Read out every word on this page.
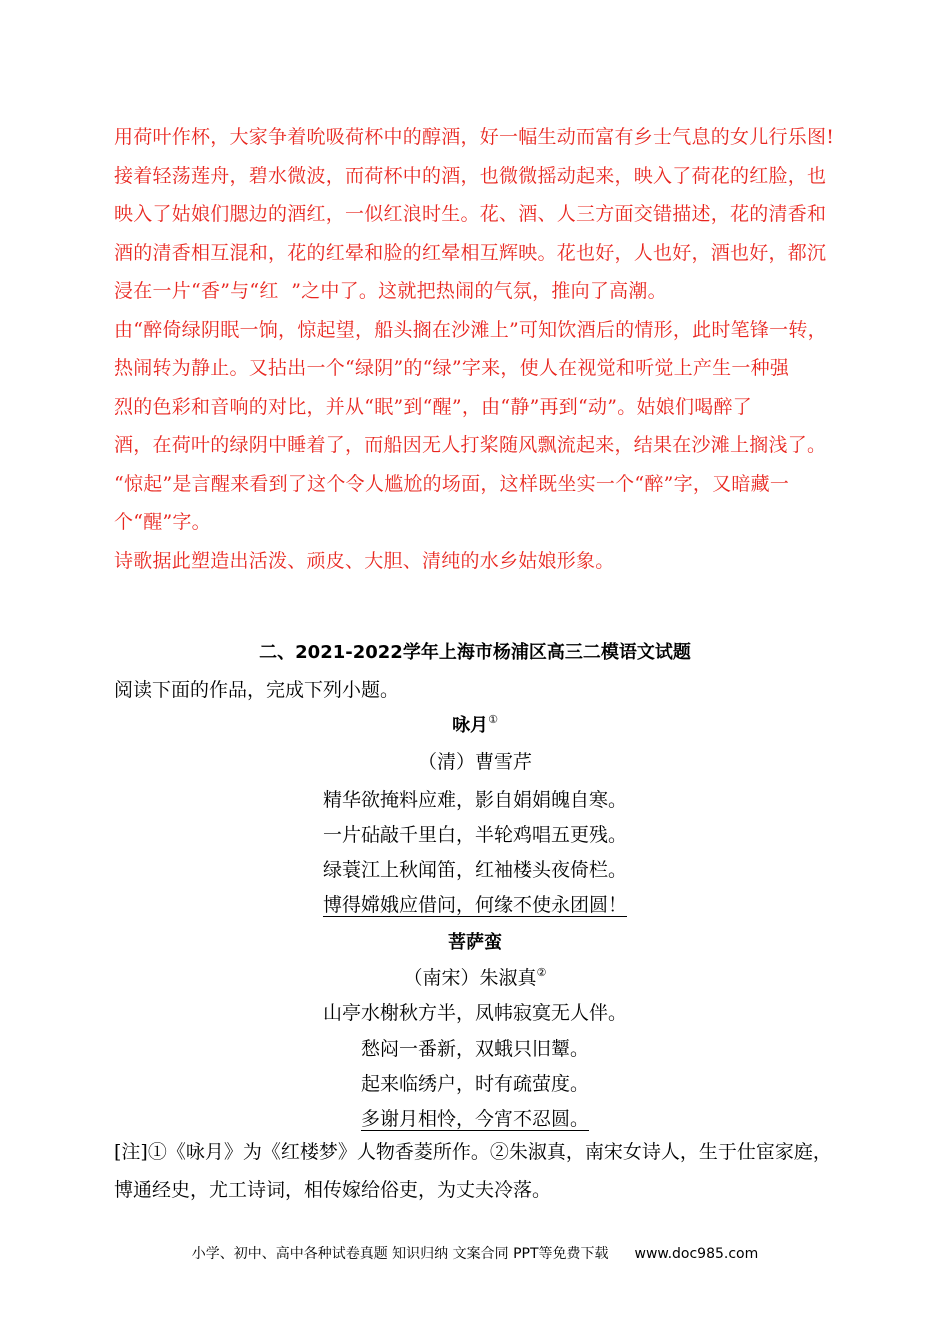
用荷叶作杯，大家争着吮吸荷杯中的醇酒，好一幅生动而富有乡士气息的女儿行乐图!
接着轻荡莲舟，碧水微波，而荷杯中的酒，也微微摇动起来，映入了荷花的红脸，也
映入了姑娘们腮边的酒红，一似红浪时生。花、酒、人三方面交错描述，花的清香和
酒的清香相互混和，花的红晕和脸的红晕相互辉映。花也好，人也好，酒也好，都沉
浸在一片“香”与“红  ”之中了。这就把热闹的气氛，推向了高潮。
由“醉倚绿阴眠一饷，惊起望，船头搁在沙滩上”可知饮酒后的情形，此时笔锋一转，
热闹转为静止。又拈出一个“绿阴”的“绿”字来，使人在视觉和听觉上产生一种强
烈的色彩和音响的对比，并从“眠”到“醒”，由“静”再到“动”。姑娘们喝醉了
酒，在荷叶的绿阴中睡着了，而船因无人打桨随风飘流起来，结果在沙滩上搁浅了。
“惊起”是言醒来看到了这个令人尴尬的场面，这样既坐实一个“醉”字，又暗藏一
个“醒”字。
诗歌据此塑造出活泼、顽皮、大胆、清纯的水乡姑娘形象。
二、2021-2022学年上海市杨浦区高三二模语文试题
阅读下面的作品，完成下列小题。
咏月①
（清）曹雪芹
精华欲掩料应难，影自娟娟魄自寒。
一片砧敲千里白，半轮鸡唱五更残。
绿蓑江上秋闻笛，红袖楼头夜倚栏。
博得嫦娥应借问，何缘不使永团圆！
菩萨蛮
（南宋）朱淑真②
山亭水榭秋方半，凤帏寂寞无人伴。
愁闷一番新，双蛾只旧颦。
起来临绣户，时有疏萤度。
多谢月相怜，今宵不忍圆。
[注]①《咏月》为《红楼梦》人物香菱所作。②朱淑真，南宋女诗人，生于仕宦家庭，
博通经史，尤工诗词，相传嫁给俗吏，为丈夫冷落。
小学、初中、高中各种试卷真题 知识归纳 文案合同 PPT等免费下载 www.doc985.com
